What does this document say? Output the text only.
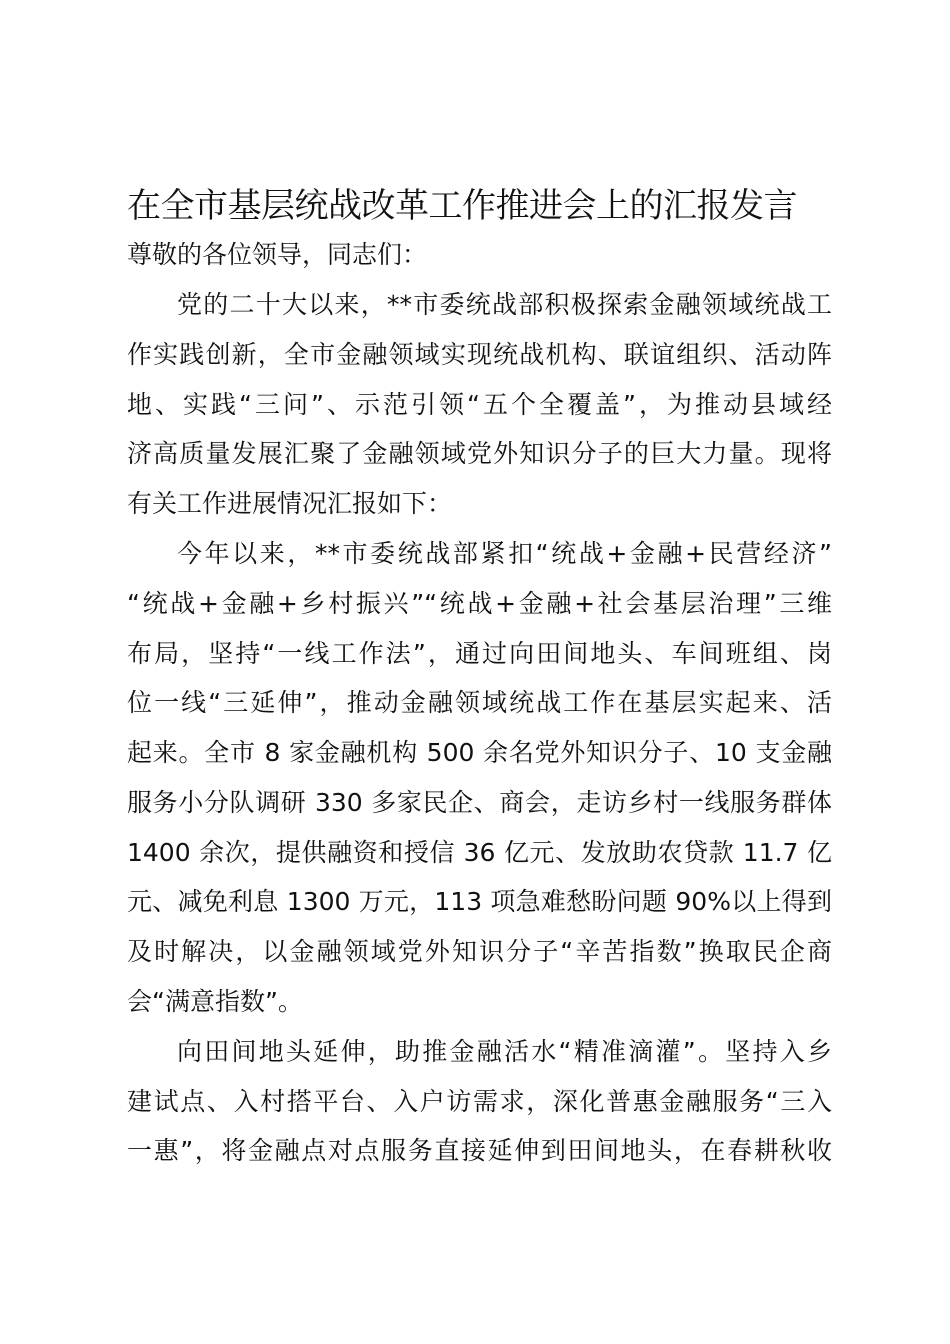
在全市基层统战改革工作推进会上的汇报发言
尊敬的各位领导，同志们：
党的二十大以来，**市委统战部积极探索金融领域统战工
作实践创新，全市金融领域实现统战机构、联谊组织、活动阵
地、实践“三问”、示范引领“五个全覆盖”，为推动县域经
济高质量发展汇聚了金融领域党外知识分子的巨大力量。现将
有关工作进展情况汇报如下：
今年以来，**市委统战部紧扣“统战+金融+民营经济”
“统战+金融+乡村振兴”“统战+金融+社会基层治理”三维
布局，坚持“一线工作法”，通过向田间地头、车间班组、岗
位一线“三延伸”，推动金融领域统战工作在基层实起来、活
起来。全市 8 家金融机构 500 余名党外知识分子、10 支金融
服务小分队调研 330 多家民企、商会，走访乡村一线服务群体
1400 余次，提供融资和授信 36 亿元、发放助农贷款 11.7 亿
元、减免利息 1300 万元，113 项急难愁盼问题 90%以上得到
及时解决，以金融领域党外知识分子“辛苦指数”换取民企商
会“满意指数”。
向田间地头延伸，助推金融活水“精准滴灌”。坚持入乡
建试点、入村搭平台、入户访需求，深化普惠金融服务“三入
一惠”，将金融点对点服务直接延伸到田间地头，在春耕秋收
